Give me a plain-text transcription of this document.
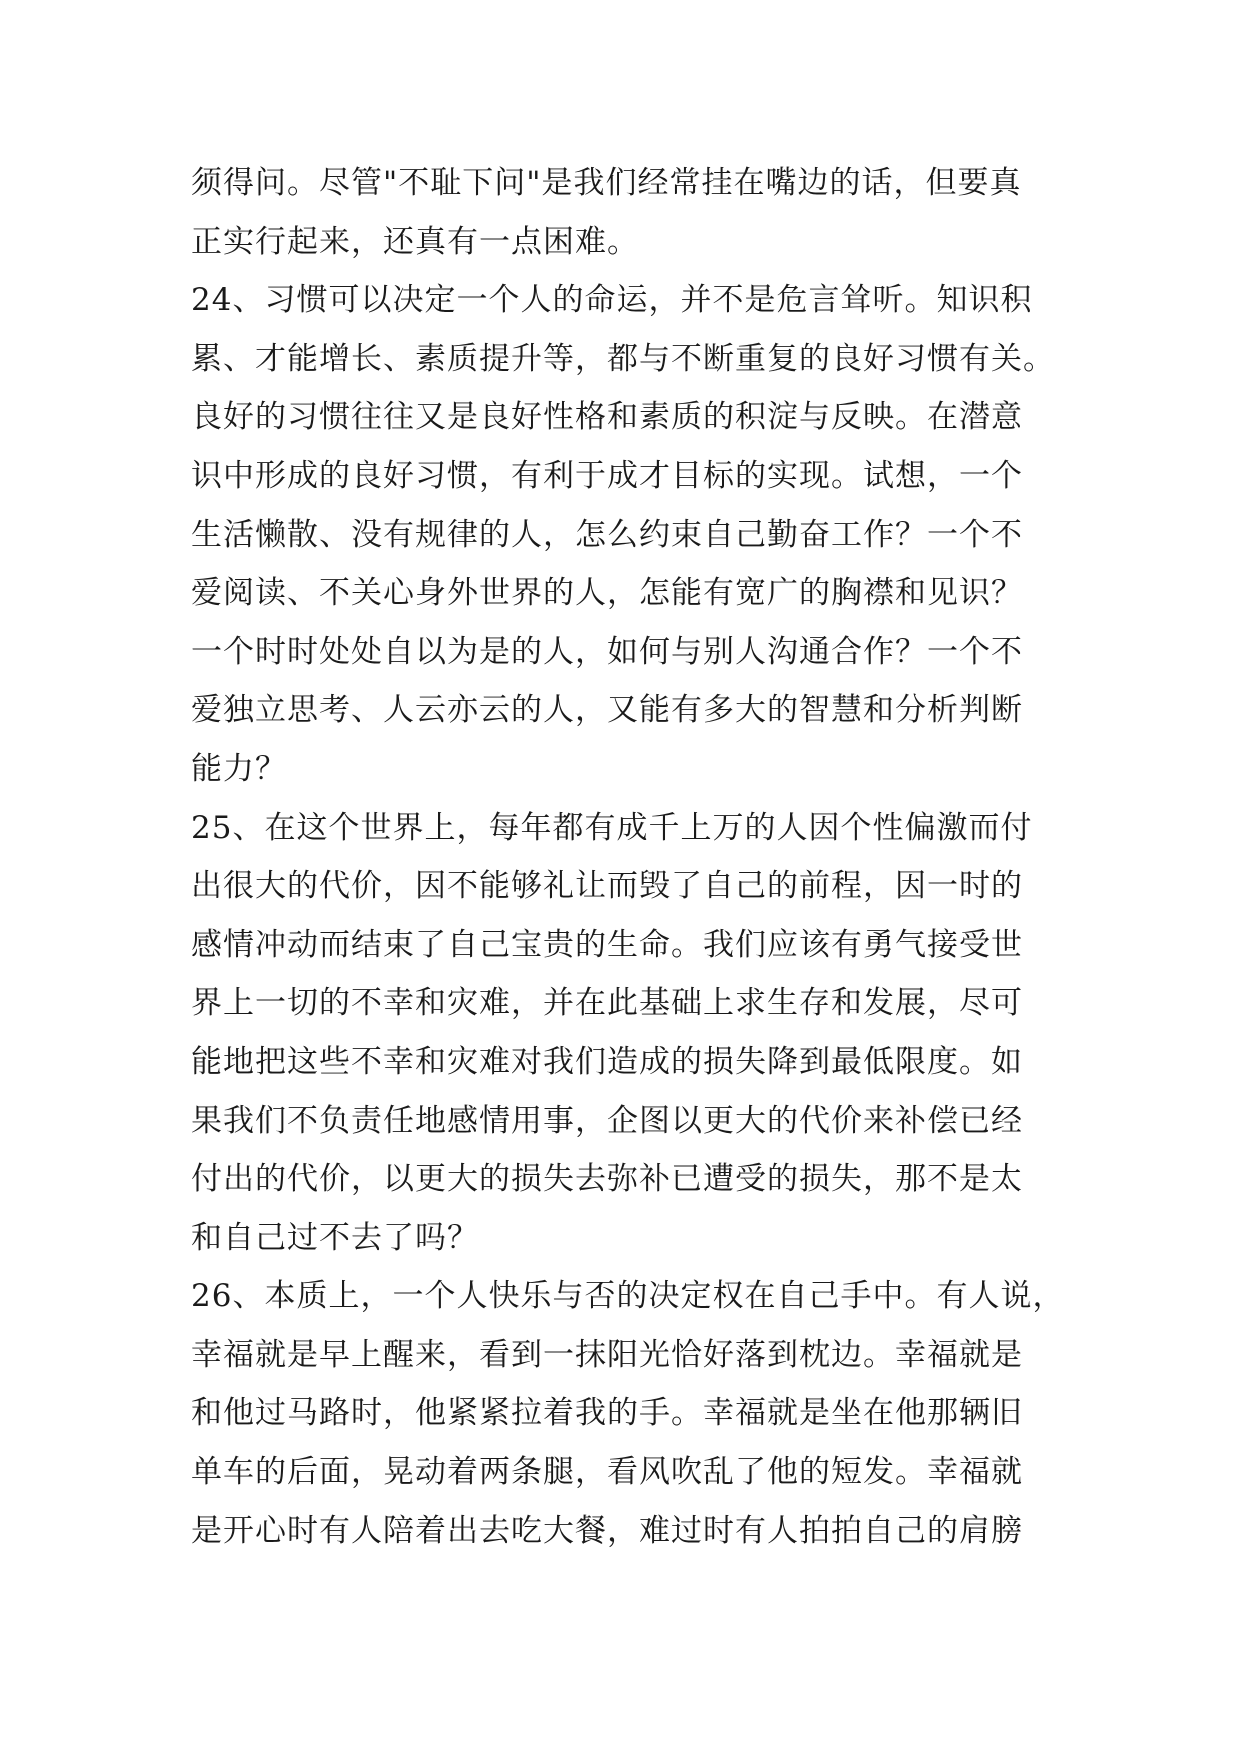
须得问。尽管"不耻下问"是我们经常挂在嘴边的话，但要真
正实行起来，还真有一点困难。
24、习惯可以决定一个人的命运，并不是危言耸听。知识积
累、才能增长、素质提升等，都与不断重复的良好习惯有关。
良好的习惯往往又是良好性格和素质的积淀与反映。在潜意
识中形成的良好习惯，有利于成才目标的实现。试想，一个
生活懒散、没有规律的人，怎么约束自己勤奋工作？一个不
爱阅读、不关心身外世界的人，怎能有宽广的胸襟和见识？
一个时时处处自以为是的人，如何与别人沟通合作？一个不
爱独立思考、人云亦云的人，又能有多大的智慧和分析判断
能力？
25、在这个世界上，每年都有成千上万的人因个性偏激而付
出很大的代价，因不能够礼让而毁了自己的前程，因一时的
感情冲动而结束了自己宝贵的生命。我们应该有勇气接受世
界上一切的不幸和灾难，并在此基础上求生存和发展，尽可
能地把这些不幸和灾难对我们造成的损失降到最低限度。如
果我们不负责任地感情用事，企图以更大的代价来补偿已经
付出的代价，以更大的损失去弥补已遭受的损失，那不是太
和自己过不去了吗？
26、本质上，一个人快乐与否的决定权在自己手中。有人说，
幸福就是早上醒来，看到一抹阳光恰好落到枕边。幸福就是
和他过马路时，他紧紧拉着我的手。幸福就是坐在他那辆旧
单车的后面，晃动着两条腿，看风吹乱了他的短发。幸福就
是开心时有人陪着出去吃大餐，难过时有人拍拍自己的肩膀
